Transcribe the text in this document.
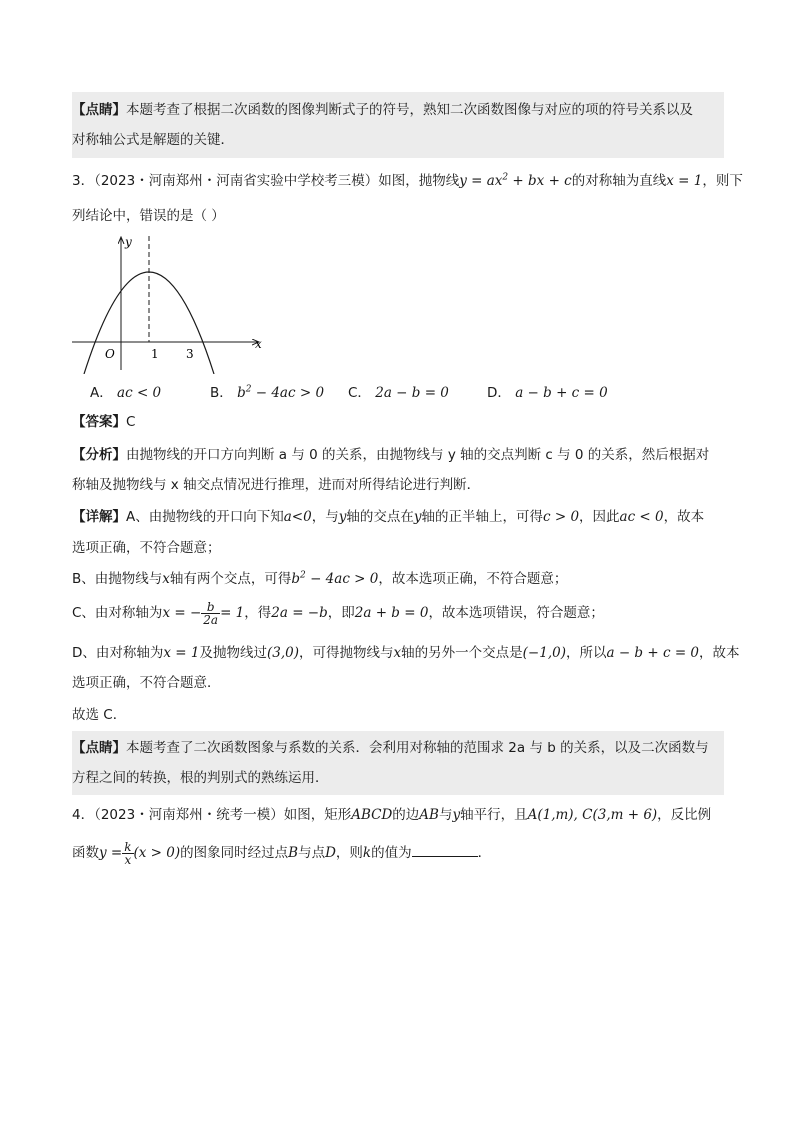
【点睛】本题考查了根据二次函数的图像判断式子的符号，熟知二次函数图像与对应的项的符号关系以及
对称轴公式是解题的关键．
3．（2023・河南郑州・河南省实验中学校考三模）如图，抛物线$y = ax^2$ + bx + c的对称轴为直线x = 1，则下
列结论中，错误的是（ ）
y
x
O	1 3
A． ac < 0	B． $b^2 - 4ac > 0$ C． 2a − b = 0	D． a − b + c = 0
【答案】C
【分析】由抛物线的开口方向判断 a 与 0 的关系，由抛物线与 y 轴的交点判断 c 与 0 的关系，然后根据对
称轴及抛物线与 x 轴交点情况进行推理，进而对所得结论进行判断．
【详解】A、由抛物线的开口向下知a<0，与y轴的交点在y轴的正半轴上，可得c > 0，因此ac < 0，故本
选项正确，不符合题意；
B、由抛物线与x轴有两个交点，可得$b^2 - 4ac > 0$，故本选项正确，不符合题意；
C、由对称轴为x = − $\frac{b}{2a} = 1$，得2a = −b，即2a + b = 0，故本选项错误，符合题意；
D、由对称轴为x = 1及抛物线过(3,0)，可得抛物线与x轴的另外一个交点是(−1,0)，所以a − b + c = 0，故本
选项正确，不符合题意．
故选 C．
【点睛】本题考查了二次函数图象与系数的关系．会利用对称轴的范围求 2a 与 b 的关系，以及二次函数与
方程之间的转换，根的判别式的熟练运用．
4．（2023・河南郑州・统考一模）如图，矩形ABCD的边AB与y轴平行，且A(1,m), C(3,m + 6)，反比例
函数$y = \frac{k}{x} (x > 0)$的图象同时经过点B与点D，则k的值为	．
